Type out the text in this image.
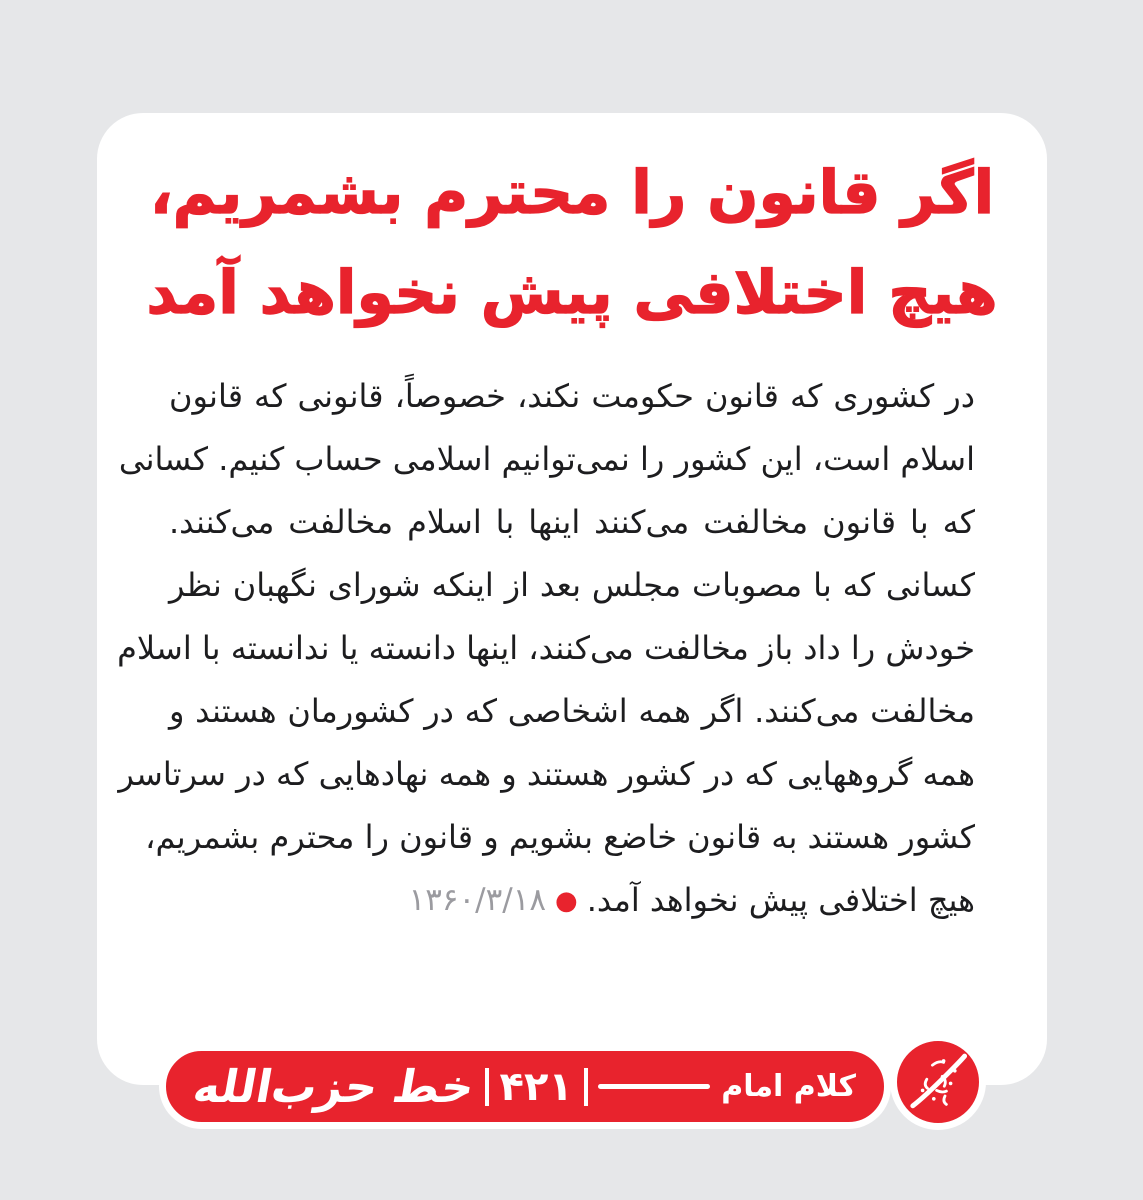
اگر قانون را محترم بشمریم،
هیچ اختلافی پیش نخواهد آمد
در کشوری که قانون حکومت نکند، خصوصاً، قانونی که قانون
اسلام است، این کشور را نمی‌توانیم اسلامی حساب کنیم. کسانی
که با قانون مخالفت می‌کنند اینها با اسلام مخالفت می‌کنند.
کسانی که با مصوبات مجلس بعد از اینکه شورای نگهبان نظر
خودش را داد باز مخالفت می‌کنند، اینها دانسته یا ندانسته با اسلام
مخالفت می‌کنند. اگر همه اشخاصی که در کشورمان هستند و
همه گروههایی که در کشور هستند و همه نهادهایی که در سرتاسر
کشور هستند به قانون خاضع بشویم و قانون را محترم بشمریم،
هیچ اختلافی پیش نخواهد آمد.
●
۱۳۶۰/۳/۱۸
کلام امام
۴۲۱
خط حزب‌الله
